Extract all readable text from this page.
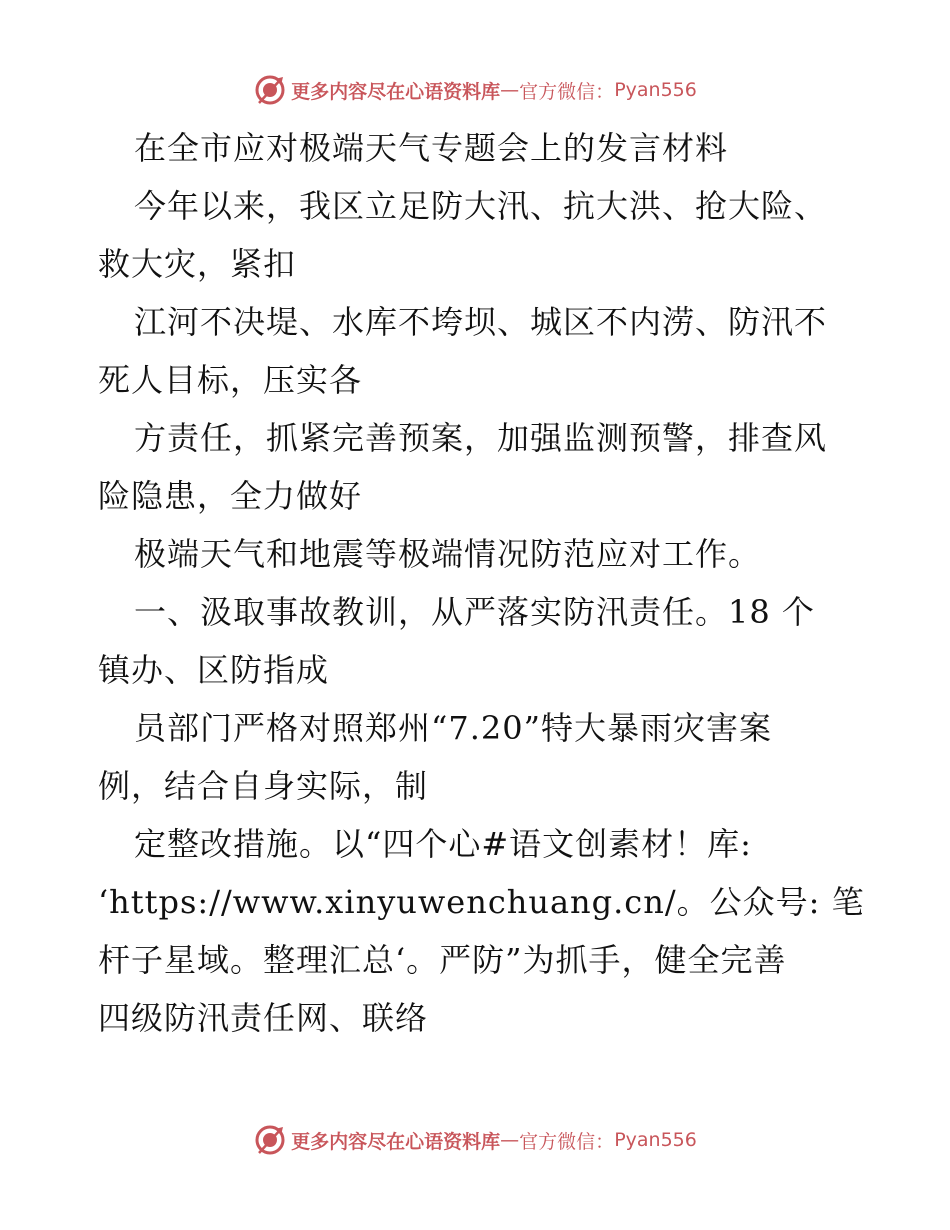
更多内容尽在心语资料库 — 官方微信： Pyan556
在全市应对极端天气专题会上的发言材料
今年以来，我区立足防大汛、抗大洪、抢大险、
救大灾，紧扣
江河不决堤、水库不垮坝、城区不内涝、防汛不
死人目标，压实各
方责任，抓紧完善预案，加强监测预警，排查风
险隐患，全力做好
极端天气和地震等极端情况防范应对工作。
一、汲取事故教训，从严落实防汛责任。18 个
镇办、区防指成
员部门严格对照郑州“7.20”特大暴雨灾害案
例，结合自身实际，制
定整改措施。以“四个心#语文创素材！库:
‘https://www.xinyuwenchuang.cn/。公众号: 笔
杆子星域。整理汇总‘。严防”为抓手，健全完善
四级防汛责任网、联络
更多内容尽在心语资料库 — 官方微信： Pyan556
